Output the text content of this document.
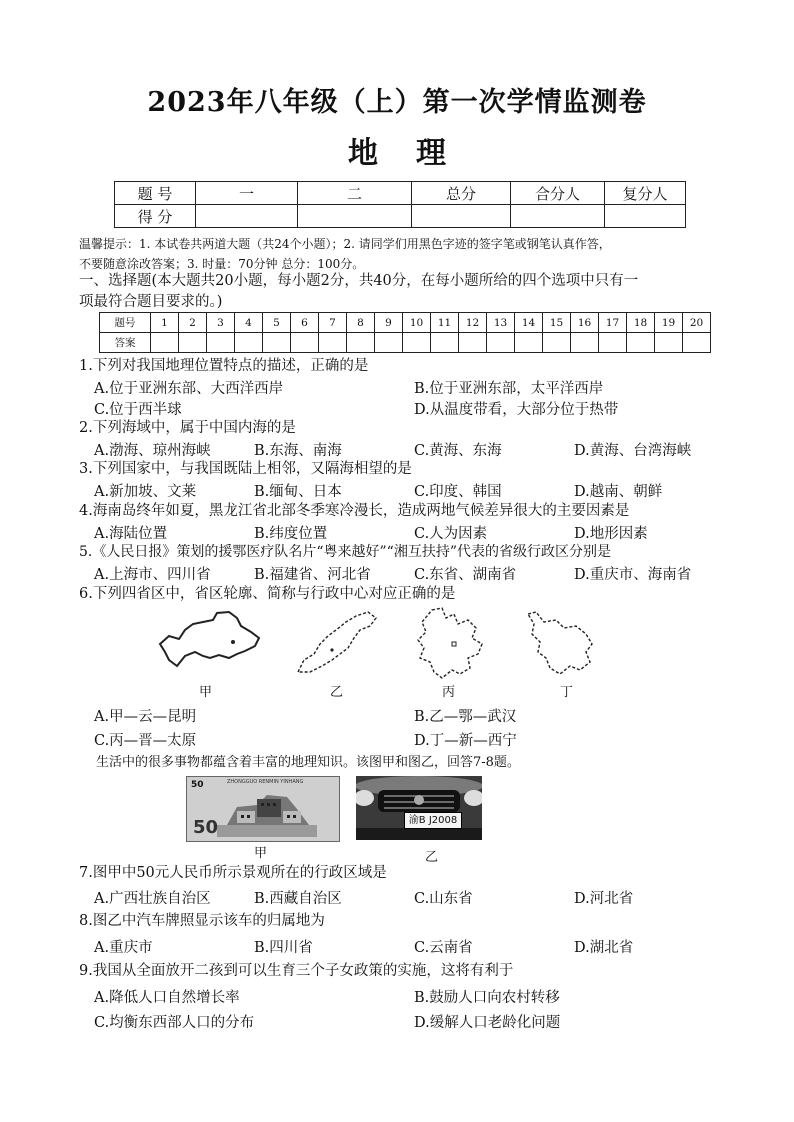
2023年八年级（上）第一次学情监测卷
地理
题 号	一	二	总分	合分人	复分人
得 分					
温馨提示：1. 本试卷共两道大题（共24个小题）；2. 请同学们用黑色字迹的签字笔或钢笔认真作答，
不要随意涂改答案；3. 时量：70分钟 总分：100分。
一、选择题(本大题共20小题，每小题2分，共40分，在每小题所给的四个选项中只有一
项最符合题目要求的。)
题号	1	2	3	4	5	6	7	8	9	10	11	12	13	14	15	16	17	18	19	20
答案																				
1.下列对我国地理位置特点的描述，正确的是
A.位于亚洲东部、大西洋西岸	B.位于亚洲东部，太平洋西岸
C.位于西半球	D.从温度带看，大部分位于热带
2.下列海域中，属于中国内海的是
A.渤海、琼州海峡	B.东海、南海	C.黄海、东海	D.黄海、台湾海峡
3.下列国家中，与我国既陆上相邻，又隔海相望的是
A.新加坡、文莱	B.缅甸、日本	C.印度、韩国	D.越南、朝鲜
4.海南岛终年如夏，黑龙江省北部冬季寒冷漫长，造成两地气候差异很大的主要因素是
A.海陆位置	B.纬度位置	C.人为因素	D.地形因素
5.《人民日报》策划的援鄂医疗队名片“粤来越好”“湘互扶持”代表的省级行政区分别是
A.上海市、四川省	B.福建省、河北省	C.东省、湖南省	D.重庆市、海南省
6.下列四省区中，省区轮廓、简称与行政中心对应正确的是
甲	乙	丙	丁
A.甲—云—昆明	B.乙—鄂—武汉
C.丙—晋—太原	D.丁—新—西宁
生活中的很多事物都蕴含着丰富的地理知识。该图甲和图乙，回答7-8题。
50	ZHONGGUO RENMIN YINHANG
50	渝B J2008
甲	乙
7.图甲中50元人民币所示景观所在的行政区域是
A.广西壮族自治区	B.西藏自治区	C.山东省	D.河北省
8.图乙中汽车牌照显示该车的归属地为
A.重庆市	B.四川省	C.云南省	D.湖北省
9.我国从全面放开二孩到可以生育三个子女政策的实施，这将有利于
A.降低人口自然增长率	B.鼓励人口向农村转移
C.均衡东西部人口的分布	D.缓解人口老龄化问题
